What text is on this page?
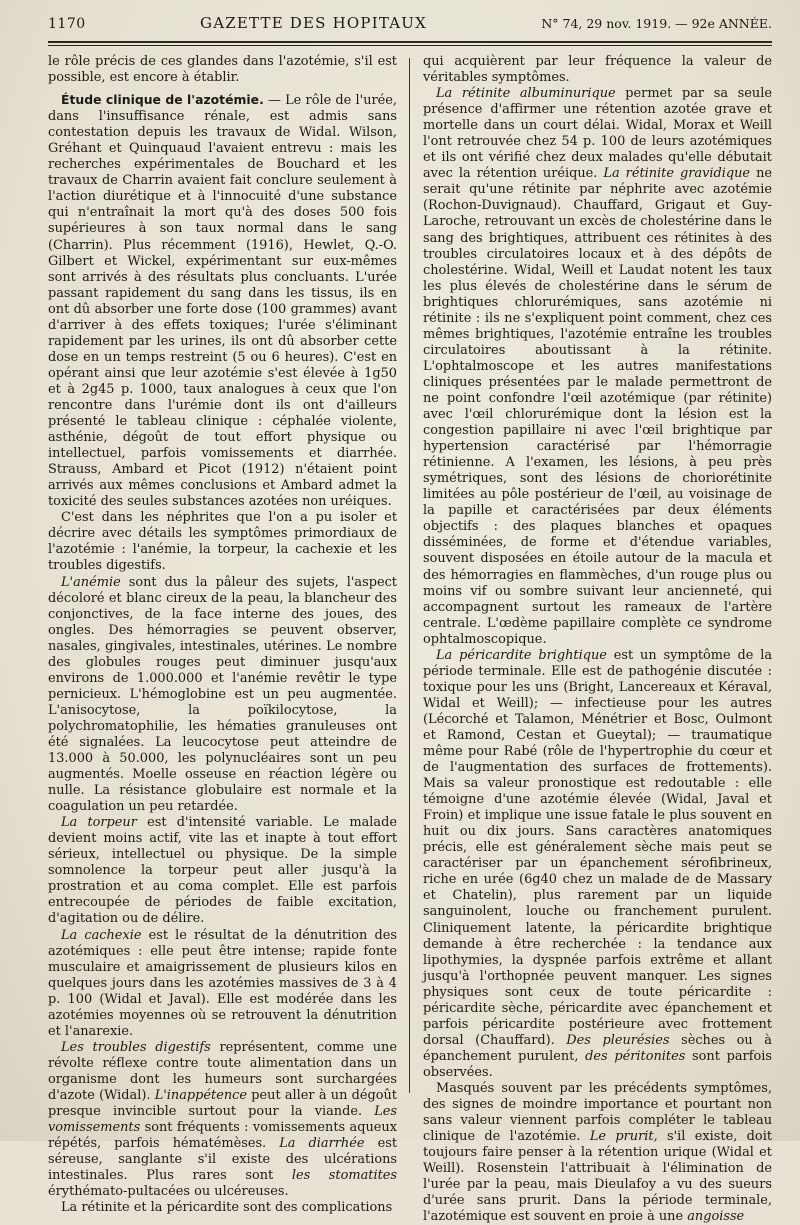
1170	GAZETTE DES HOPITAUX	N° 74, 29 nov. 1919. — 92e ANNÉE.

le rôle précis de ces glandes dans l'azotémie, s'il est possible, est encore à établir.

Étude clinique de l'azotémie. — Le rôle de l'urée, dans l'insuffisance rénale, est admis sans contestation depuis les travaux de Widal. Wilson, Gréhant et Quinquaud l'avaient entrevu : mais les recherches expérimentales de Bouchard et les travaux de Charrin avaient fait conclure seulement à l'action diurétique et à l'innocuité d'une substance qui n'entraînait la mort qu'à des doses 500 fois supérieures à son taux normal dans le sang (Charrin). Plus récemment (1916), Hewlet, Q.-O. Gilbert et Wickel, expérimentant sur eux-mêmes sont arrivés à des résultats plus concluants. L'urée passant rapidement du sang dans les tissus, ils en ont dû absorber une forte dose (100 grammes) avant d'arriver à des effets toxiques; l'urée s'éliminant rapidement par les urines, ils ont dû absorber cette dose en un temps restreint (5 ou 6 heures). C'est en opérant ainsi que leur azotémie s'est élevée à 1g50 et à 2g45 p. 1000, taux analogues à ceux que l'on rencontre dans l'urémie dont ils ont d'ailleurs présenté le tableau clinique : céphalée violente, asthénie, dégoût de tout effort physique ou intellectuel, parfois vomissements et diarrhée. Strauss, Ambard et Picot (1912) n'étaient point arrivés aux mêmes conclusions et Ambard admet la toxicité des seules substances azotées non uréiques.

C'est dans les néphrites que l'on a pu isoler et décrire avec détails les symptômes primordiaux de l'azotémie : l'anémie, la torpeur, la cachexie et les troubles digestifs.

L'anémie sont dus la pâleur des sujets, l'aspect décoloré et blanc cireux de la peau, la blancheur des conjonctives, de la face interne des joues, des ongles. Des hémorragies se peuvent observer, nasales, gingivales, intestinales, utérines. Le nombre des globules rouges peut diminuer jusqu'aux environs de 1.000.000 et l'anémie revêtir le type pernicieux. L'hémoglobine est un peu augmentée. L'anisocytose, la poïkilocytose, la polychromatophilie, les hématies granuleuses ont été signalées. La leucocytose peut atteindre de 13.000 à 50.000, les polynucléaires sont un peu augmentés. Moelle osseuse en réaction légère ou nulle. La résistance globulaire est normale et la coagulation un peu retardée.

La torpeur est d'intensité variable. Le malade devient moins actif, vite las et inapte à tout effort sérieux, intellectuel ou physique. De la simple somnolence la torpeur peut aller jusqu'à la prostration et au coma complet. Elle est parfois entrecoupée de périodes de faible excitation, d'agitation ou de délire.

La cachexie est le résultat de la dénutrition des azotémiques : elle peut être intense; rapide fonte musculaire et amaigrissement de plusieurs kilos en quelques jours dans les azotémies massives de 3 à 4 p. 100 (Widal et Javal). Elle est modérée dans les azotémies moyennes où se retrouvent la dénutrition et l'anarexie.

Les troubles digestifs représentent, comme une révolte réflexe contre toute alimentation dans un organisme dont les humeurs sont surchargées d'azote (Widal). L'inappétence peut aller à un dégoût presque invincible surtout pour la viande. Les vomissements sont fréquents : vomissements aqueux répétés, parfois hématémèses. La diarrhée est séreuse, sanglante s'il existe des ulcérations intestinales. Plus rares sont les stomatites érythémato-pultacées ou ulcéreuses.

La rétinite et la péricardite sont des complications

qui acquièrent par leur fréquence la valeur de véritables symptômes.

La rétinite albuminurique permet par sa seule présence d'affirmer une rétention azotée grave et mortelle dans un court délai. Widal, Morax et Weill l'ont retrouvée chez 54 p. 100 de leurs azotémiques et ils ont vérifié chez deux malades qu'elle débutait avec la rétention uréique. La rétinite gravidique ne serait qu'une rétinite par néphrite avec azotémie (Rochon-Duvignaud). Chauffard, Grigaut et Guy-Laroche, retrouvant un excès de cholestérine dans le sang des brightiques, attribuent ces rétinites à des troubles circulatoires locaux et à des dépôts de cholestérine. Widal, Weill et Laudat notent les taux les plus élevés de cholestérine dans le sérum de brightiques chlorurémiques, sans azotémie ni rétinite : ils ne s'expliquent point comment, chez ces mêmes brightiques, l'azotémie entraîne les troubles circulatoires aboutissant à la rétinite. L'ophtalmoscope et les autres manifestations cliniques présentées par le malade permettront de ne point confondre l'œil azotémique (par rétinite) avec l'œil chlorurémique dont la lésion est la congestion papillaire ni avec l'œil brightique par hypertension caractérisé par l'hémorragie rétinienne. A l'examen, les lésions, à peu près symétriques, sont des lésions de choriorétinite limitées au pôle postérieur de l'œil, au voisinage de la papille et caractérisées par deux éléments objectifs : des plaques blanches et opaques disséminées, de forme et d'étendue variables, souvent disposées en étoile autour de la macula et des hémorragies en flammèches, d'un rouge plus ou moins vif ou sombre suivant leur ancienneté, qui accompagnent surtout les rameaux de l'artère centrale. L'œdème papillaire complète ce syndrome ophtalmoscopique.

La péricardite brightique est un symptôme de la période terminale. Elle est de pathogénie discutée : toxique pour les uns (Bright, Lancereaux et Kéraval, Widal et Weill); — infectieuse pour les autres (Lécorché et Talamon, Ménétrier et Bosc, Oulmont et Ramond, Cestan et Gueytal); — traumatique même pour Rabé (rôle de l'hypertrophie du cœur et de l'augmentation des surfaces de frottements). Mais sa valeur pronostique est redoutable : elle témoigne d'une azotémie élevée (Widal, Javal et Froin) et implique une issue fatale le plus souvent en huit ou dix jours. Sans caractères anatomiques précis, elle est généralement sèche mais peut se caractériser par un épanchement sérofibrineux, riche en urée (6g40 chez un malade de de Massary et Chatelin), plus rarement par un liquide sanguinolent, louche ou franchement purulent. Cliniquement latente, la péricardite brightique demande à être recherchée : la tendance aux lipothymies, la dyspnée parfois extrême et allant jusqu'à l'orthopnée peuvent manquer. Les signes physiques sont ceux de toute péricardite : péricardite sèche, péricardite avec épanchement et parfois péricardite postérieure avec frottement dorsal (Chauffard). Des pleurésies sèches ou à épanchement purulent, des péritonites sont parfois observées.

Masqués souvent par les précédents symptômes, des signes de moindre importance et pourtant non sans valeur viennent parfois compléter le tableau clinique de l'azotémie. Le prurit, s'il existe, doit toujours faire penser à la rétention urique (Widal et Weill). Rosenstein l'attribuait à l'élimination de l'urée par la peau, mais Dieulafoy a vu des sueurs d'urée sans prurit. Dans la période terminale, l'azotémique est souvent en proie à une angoisse
